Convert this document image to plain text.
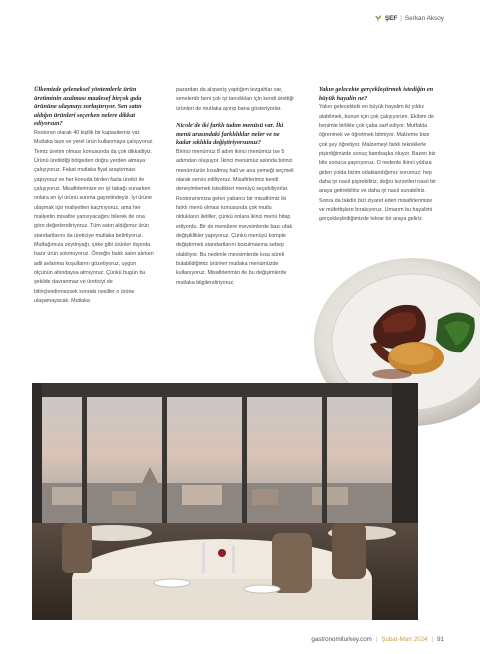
ŞEF | Serkan Aksoy

Ülkemizde geleneksel yöntemlerle ürün üretiminin azalması maalesef birçok gıda ürününe ulaşmayı zorlaştırıyor. Sen satın aldığın ürünleri seçerken nelere dikkat ediyorsun?

Restoran olarak 40 kişilik bir kapasitemiz var. Mutlaka taze ve yerel ürün kullanmaya çalışıyoruz. Temiz üretim olması konusunda da çok dikkatliyiz. Ürünü üretildiği bölgeden doğru yerden almaya çalışıyoruz. Fakat mutlaka fiyat araştırması yapıyoruz ve her konuda birden fazla üretici ile çalışıyoruz. Misafirlerimize en iyi tabağı sunarken onlara en iyi ürünü sunma gayretindeyiz. İyi ürüne ulaşmak için maliyetten kaçmıyoruz, ama her maliyetin misafire yansıyacağını bilerek de ona göre değerlendiriyoruz. Tüm satın aldığımız ürün standartlarını da üreticiye mutlaka belirtiyoruz. Mutfağımıza zeytinyağı, şirke gibi ürünler dışında hazır ürün sokmuyoruz. Örneğin balık satın alırken adil avlanma koşullarını gözetiyoruz, uygun ölçünün altındaysa almıyoruz. Çünkü bugün bu şekilde davranmaz ve üreticiyi de bilinçlendirmezsek sonraki nesiller o ürüne ulaşamayacak. Mutlaka

pazardan da alışveriş yaptığım tezgahlar var, senelerdir beni çok iyi tanıdıkları için kendi ürettiği ürünleri de mutlaka ayırıp bana gösteriyorlar.

Nicole'de iki farklı tadım menüsü var. İki menü arasındaki farklılıklar neler ve ne kadar sıklıkla değiştiriyorsunuz?

Birinci menümüz 8 adım ikinci menümüz ise 5 adımdan oluşuyor. İkinci menümüz aslında birinci menümüzün kısaltmış hali ve ana yemeği seçmeli olarak servis ediliyoruz. Misafirlerimiz kendi deneyimlemek istedikleri menüyü seçebiliyorlar. Restoranımıza gelen yabancı bir misafirimiz iki farklı menü olması konusunda çok mutlu oldukların iletiller, çünkü onlara ikinci menü hitap ediyordu. Bir de menülere mevsimlerde bazı ufak değişiklikler yapıyoruz. Çünkü menüyü komple değiştirmek standartlarını bozulmasına sebep olabiliyor. Bu nedenle mevsimlerde kısa süreli bulabildiğimiz ürünleri mutlaka menümüzde kullanıyoruz. Misafirlerimizi de bu değişimlerde mutlaka bilgilendiriyoruz.

Yakın gelecekte gerçekleştirmek istediğin en büyük hayalin ne?

Yakın gelecekteki en büyük hayalim iki yıldız alabilmek, bunun için çok çalışıyorum. Ekibim de benimle birlikte çok çaba sarf ediyor. Mutfakta öğrenmek ve öğretmek bitmiyor. Malzeme bize çok şey öğretiyor. Malzemeyi farklı tekniklerle pişirdiğimizde sonuç bambaşka oluyor. Bazen biz bile sonuca şaşırıyoruz. O nedenle ikinci yıldıza giden yolda bizim odaklandığımız sorumuz; hep daha iyi nasıl pişirebiliriz, doğru lezzetleri nasıl bir araya getirebiliriz ve daha iyi nasıl sunabiliriz. Sonra da takdiri bizi ziyaret eden misafirlerimize ve müfettişlere bırakıyoruz. Umarım bu hayalimi gerçekleştirdiğimizde tekrar bir araya geliriz.

gastronomiturkey.com | Şubat-Mart 2024 | 91
